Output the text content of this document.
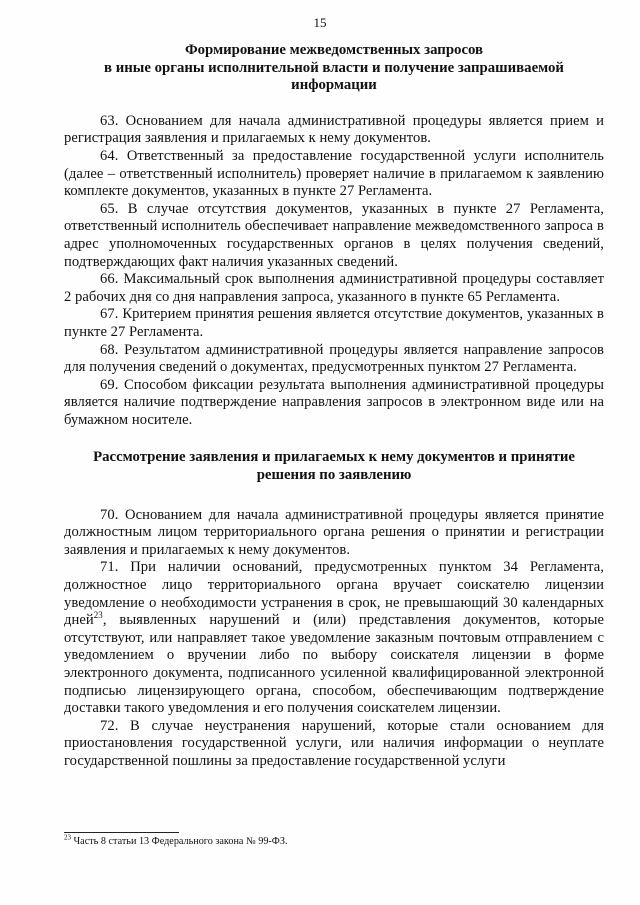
15
Формирование межведомственных запросов
в иные органы исполнительной власти и получение запрашиваемой
информации

63. Основанием для начала административной процедуры является прием и регистрация заявления и прилагаемых к нему документов.

64. Ответственный за предоставление государственной услуги исполнитель (далее – ответственный исполнитель) проверяет наличие в прилагаемом к заявлению комплекте документов, указанных в пункте 27 Регламента.

65. В случае отсутствия документов, указанных в пункте 27 Регламента, ответственный исполнитель обеспечивает направление межведомственного запроса в адрес уполномоченных государственных органов в целях получения сведений, подтверждающих факт наличия указанных сведений.

66. Максимальный срок выполнения административной процедуры составляет 2 рабочих дня со дня направления запроса, указанного в пункте 65 Регламента.

67. Критерием принятия решения является отсутствие документов, указанных в пункте 27 Регламента.

68. Результатом административной процедуры является направление запросов для получения сведений о документах, предусмотренных пунктом 27 Регламента.

69. Способом фиксации результата выполнения административной процедуры является наличие подтверждение направления запросов в электронном виде или на бумажном носителе.

Рассмотрение заявления и прилагаемых к нему документов и принятие
решения по заявлению

70. Основанием для начала административной процедуры является принятие должностным лицом территориального органа решения о принятии и регистрации заявления и прилагаемых к нему документов.

71. При наличии оснований, предусмотренных пунктом 34 Регламента, должностное лицо территориального органа вручает соискателю лицензии уведомление о необходимости устранения в срок, не превышающий 30 календарных дней$^{23}$, выявленных нарушений и (или) представления документов, которые отсутствуют, или направляет такое уведомление заказным почтовым отправлением с уведомлением о вручении либо по выбору соискателя лицензии в форме электронного документа, подписанного усиленной квалифицированной электронной подписью лицензирующего органа, способом, обеспечивающим подтверждение доставки такого уведомления и его получения соискателем лицензии.

72. В случае неустранения нарушений, которые стали основанием для приостановления государственной услуги, или наличия информации о неуплате государственной пошлины за предоставление государственной услуги

$^{23}$ Часть 8 статьи 13 Федерального закона № 99-ФЗ.
